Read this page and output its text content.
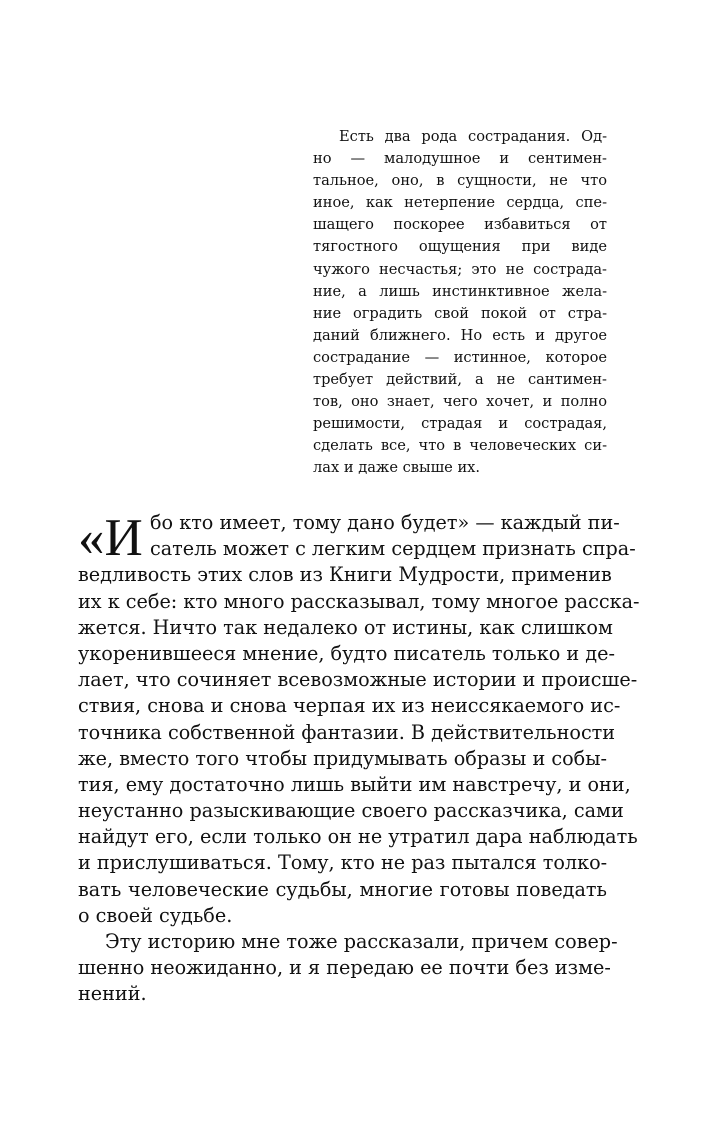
Есть два рода сострадания. Од-
но — малодушное и сентимен-
тальное, оно, в сущности, не что
иное, как нетерпение сердца, спе-
шащего поскорее избавиться от
тягостного ощущения при виде
чужого несчастья; это не сострада-
ние, а лишь инстинктивное жела-
ние оградить свой покой от стра-
даний ближнего. Но есть и другое
сострадание — истинное, которое
требует действий, а не сантимен-
тов, оно знает, чего хочет, и полно
решимости, страдая и сострадая,
сделать все, что в человеческих си-
лах и даже свыше их.
«И бо кто имеет, тому дано будет» — каждый пи-
сатель может с легким сердцем признать спра-
ведливость этих слов из Книги Мудрости, применив
их к себе: кто много рассказывал, тому многое расска-
жется. Ничто так недалеко от истины, как слишком
укоренившееся мнение, будто писатель только и де-
лает, что сочиняет всевозможные истории и происше-
ствия, снова и снова черпая их из неиссякаемого ис-
точника собственной фантазии. В действительности
же, вместо того чтобы придумывать образы и собы-
тия, ему достаточно лишь выйти им навстречу, и они,
неустанно разыскивающие своего рассказчика, сами
найдут его, если только он не утратил дара наблюдать
и прислушиваться. Тому, кто не раз пытался толко-
вать человеческие судьбы, многие готовы поведать
о своей судьбе.
Эту историю мне тоже рассказали, причем совер-
шенно неожиданно, и я передаю ее почти без изме-
нений.
